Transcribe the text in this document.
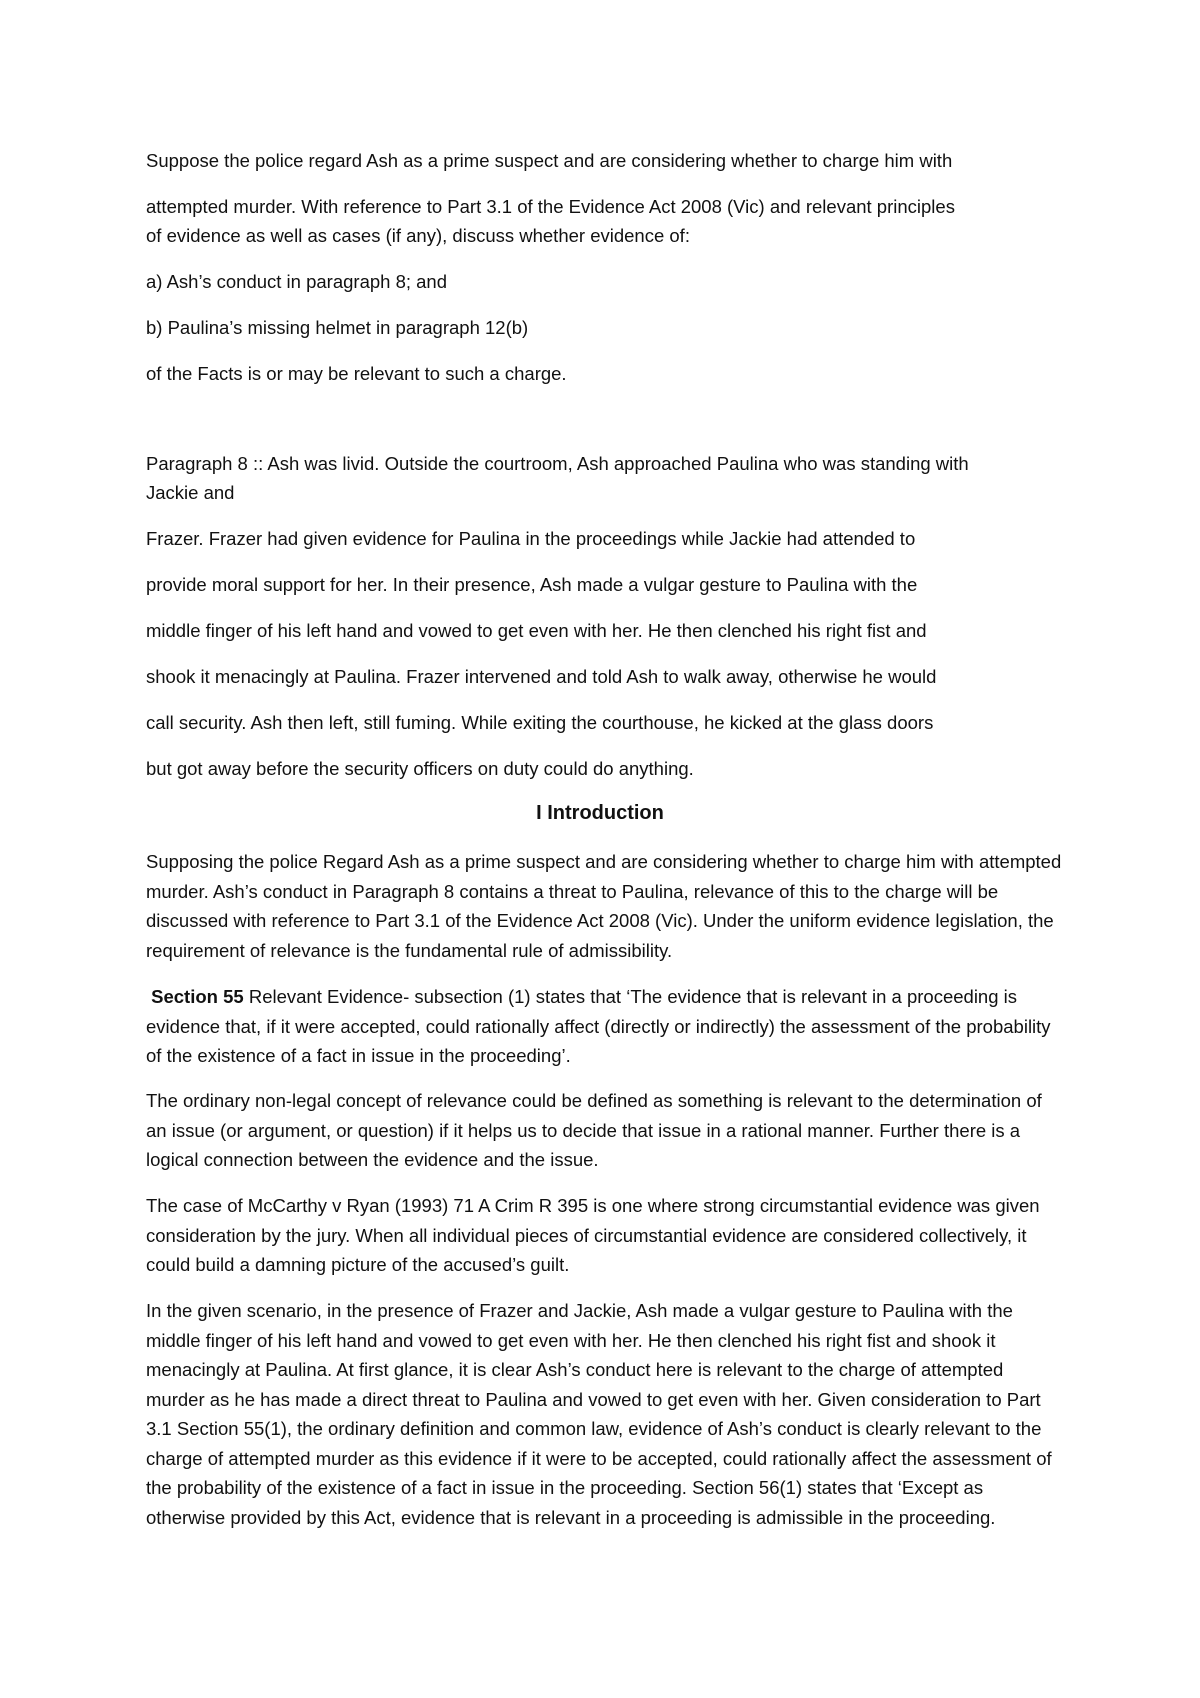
Suppose the police regard Ash as a prime suspect and are considering whether to charge him with

attempted murder. With reference to Part 3.1 of the Evidence Act 2008 (Vic) and relevant principles

of evidence as well as cases (if any), discuss whether evidence of:

a) Ash’s conduct in paragraph 8; and

b) Paulina’s missing helmet in paragraph 12(b)

of the Facts is or may be relevant to such a charge.

Paragraph 8 :: Ash was livid. Outside the courtroom, Ash approached Paulina who was standing with

Jackie and

Frazer. Frazer had given evidence for Paulina in the proceedings while Jackie had attended to

provide moral support for her. In their presence, Ash made a vulgar gesture to Paulina with the

middle finger of his left hand and vowed to get even with her. He then clenched his right fist and

shook it menacingly at Paulina. Frazer intervened and told Ash to walk away, otherwise he would

call security. Ash then left, still fuming. While exiting the courthouse, he kicked at the glass doors

but got away before the security officers on duty could do anything.

I Introduction

Supposing the police Regard Ash as a prime suspect and are considering whether to charge him with attempted murder. Ash’s conduct in Paragraph 8 contains a threat to Paulina, relevance of this to the charge will be discussed with reference to Part 3.1 of the Evidence Act 2008 (Vic). Under the uniform evidence legislation, the requirement of relevance is the fundamental rule of admissibility.

Section 55 Relevant Evidence- subsection (1) states that ‘The evidence that is relevant in a proceeding is evidence that, if it were accepted, could rationally affect (directly or indirectly) the assessment of the probability of the existence of a fact in issue in the proceeding’.

The ordinary non-legal concept of relevance could be defined as something is relevant to the determination of an issue (or argument, or question) if it helps us to decide that issue in a rational manner. Further there is a logical connection between the evidence and the issue.

The case of McCarthy v Ryan (1993) 71 A Crim R 395 is one where strong circumstantial evidence was given consideration by the jury. When all individual pieces of circumstantial evidence are considered collectively, it could build a damning picture of the accused’s guilt.

In the given scenario, in the presence of Frazer and Jackie, Ash made a vulgar gesture to Paulina with the middle finger of his left hand and vowed to get even with her. He then clenched his right fist and shook it menacingly at Paulina. At first glance, it is clear Ash’s conduct here is relevant to the charge of attempted murder as he has made a direct threat to Paulina and vowed to get even with her. Given consideration to Part 3.1 Section 55(1), the ordinary definition and common law, evidence of Ash’s conduct is clearly relevant to the charge of attempted murder as this evidence if it were to be accepted, could rationally affect the assessment of the probability of the existence of a fact in issue in the proceeding. Section 56(1) states that ‘Except as otherwise provided by this Act, evidence that is relevant in a proceeding is admissible in the proceeding.
